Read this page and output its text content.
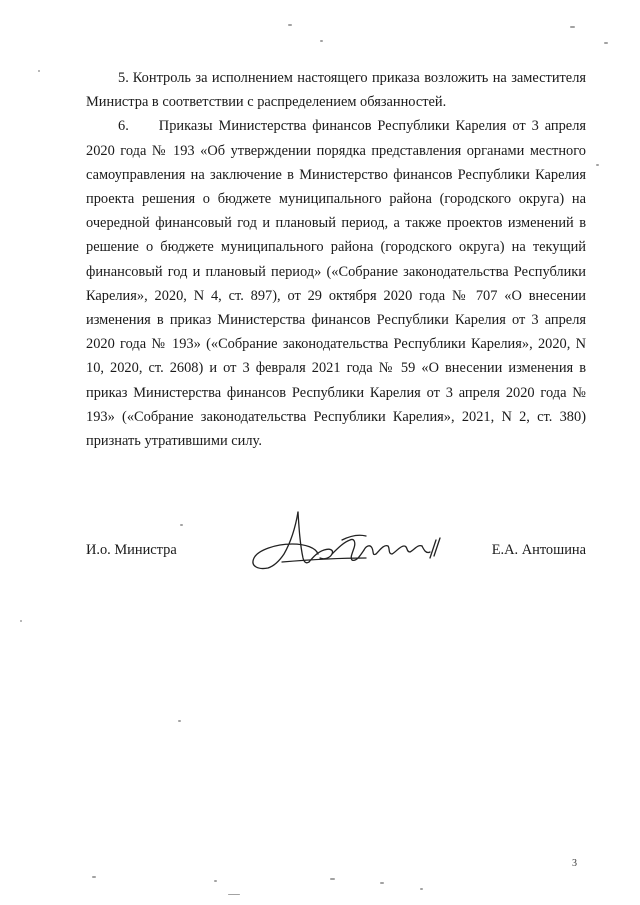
5. Контроль за исполнением настоящего приказа возложить на заместителя Министра в соответствии с распределением обязанностей.

6. Приказы Министерства финансов Республики Карелия от 3 апреля 2020 года № 193 «Об утверждении порядка представления органами местного самоуправления на заключение в Министерство финансов Республики Карелия проекта решения о бюджете муниципального района (городского округа) на очередной финансовый год и плановый период, а также проектов изменений в решение о бюджете муниципального района (городского округа) на текущий финансовый год и плановый период» («Собрание законодательства Республики Карелия», 2020, N 4, ст. 897), от 29 октября 2020 года № 707 «О внесении изменения в приказ Министерства финансов Республики Карелия от 3 апреля 2020 года № 193» («Собрание законодательства Республики Карелия», 2020, N 10, 2020, ст. 2608) и от 3 февраля 2021 года № 59 «О внесении изменения в приказ Министерства финансов Республики Карелия от 3 апреля 2020 года № 193» («Собрание законодательства Республики Карелия», 2021, N 2, ст. 380) признать утратившими силу.

И.о. Министра	Е.А. Антошина
3
